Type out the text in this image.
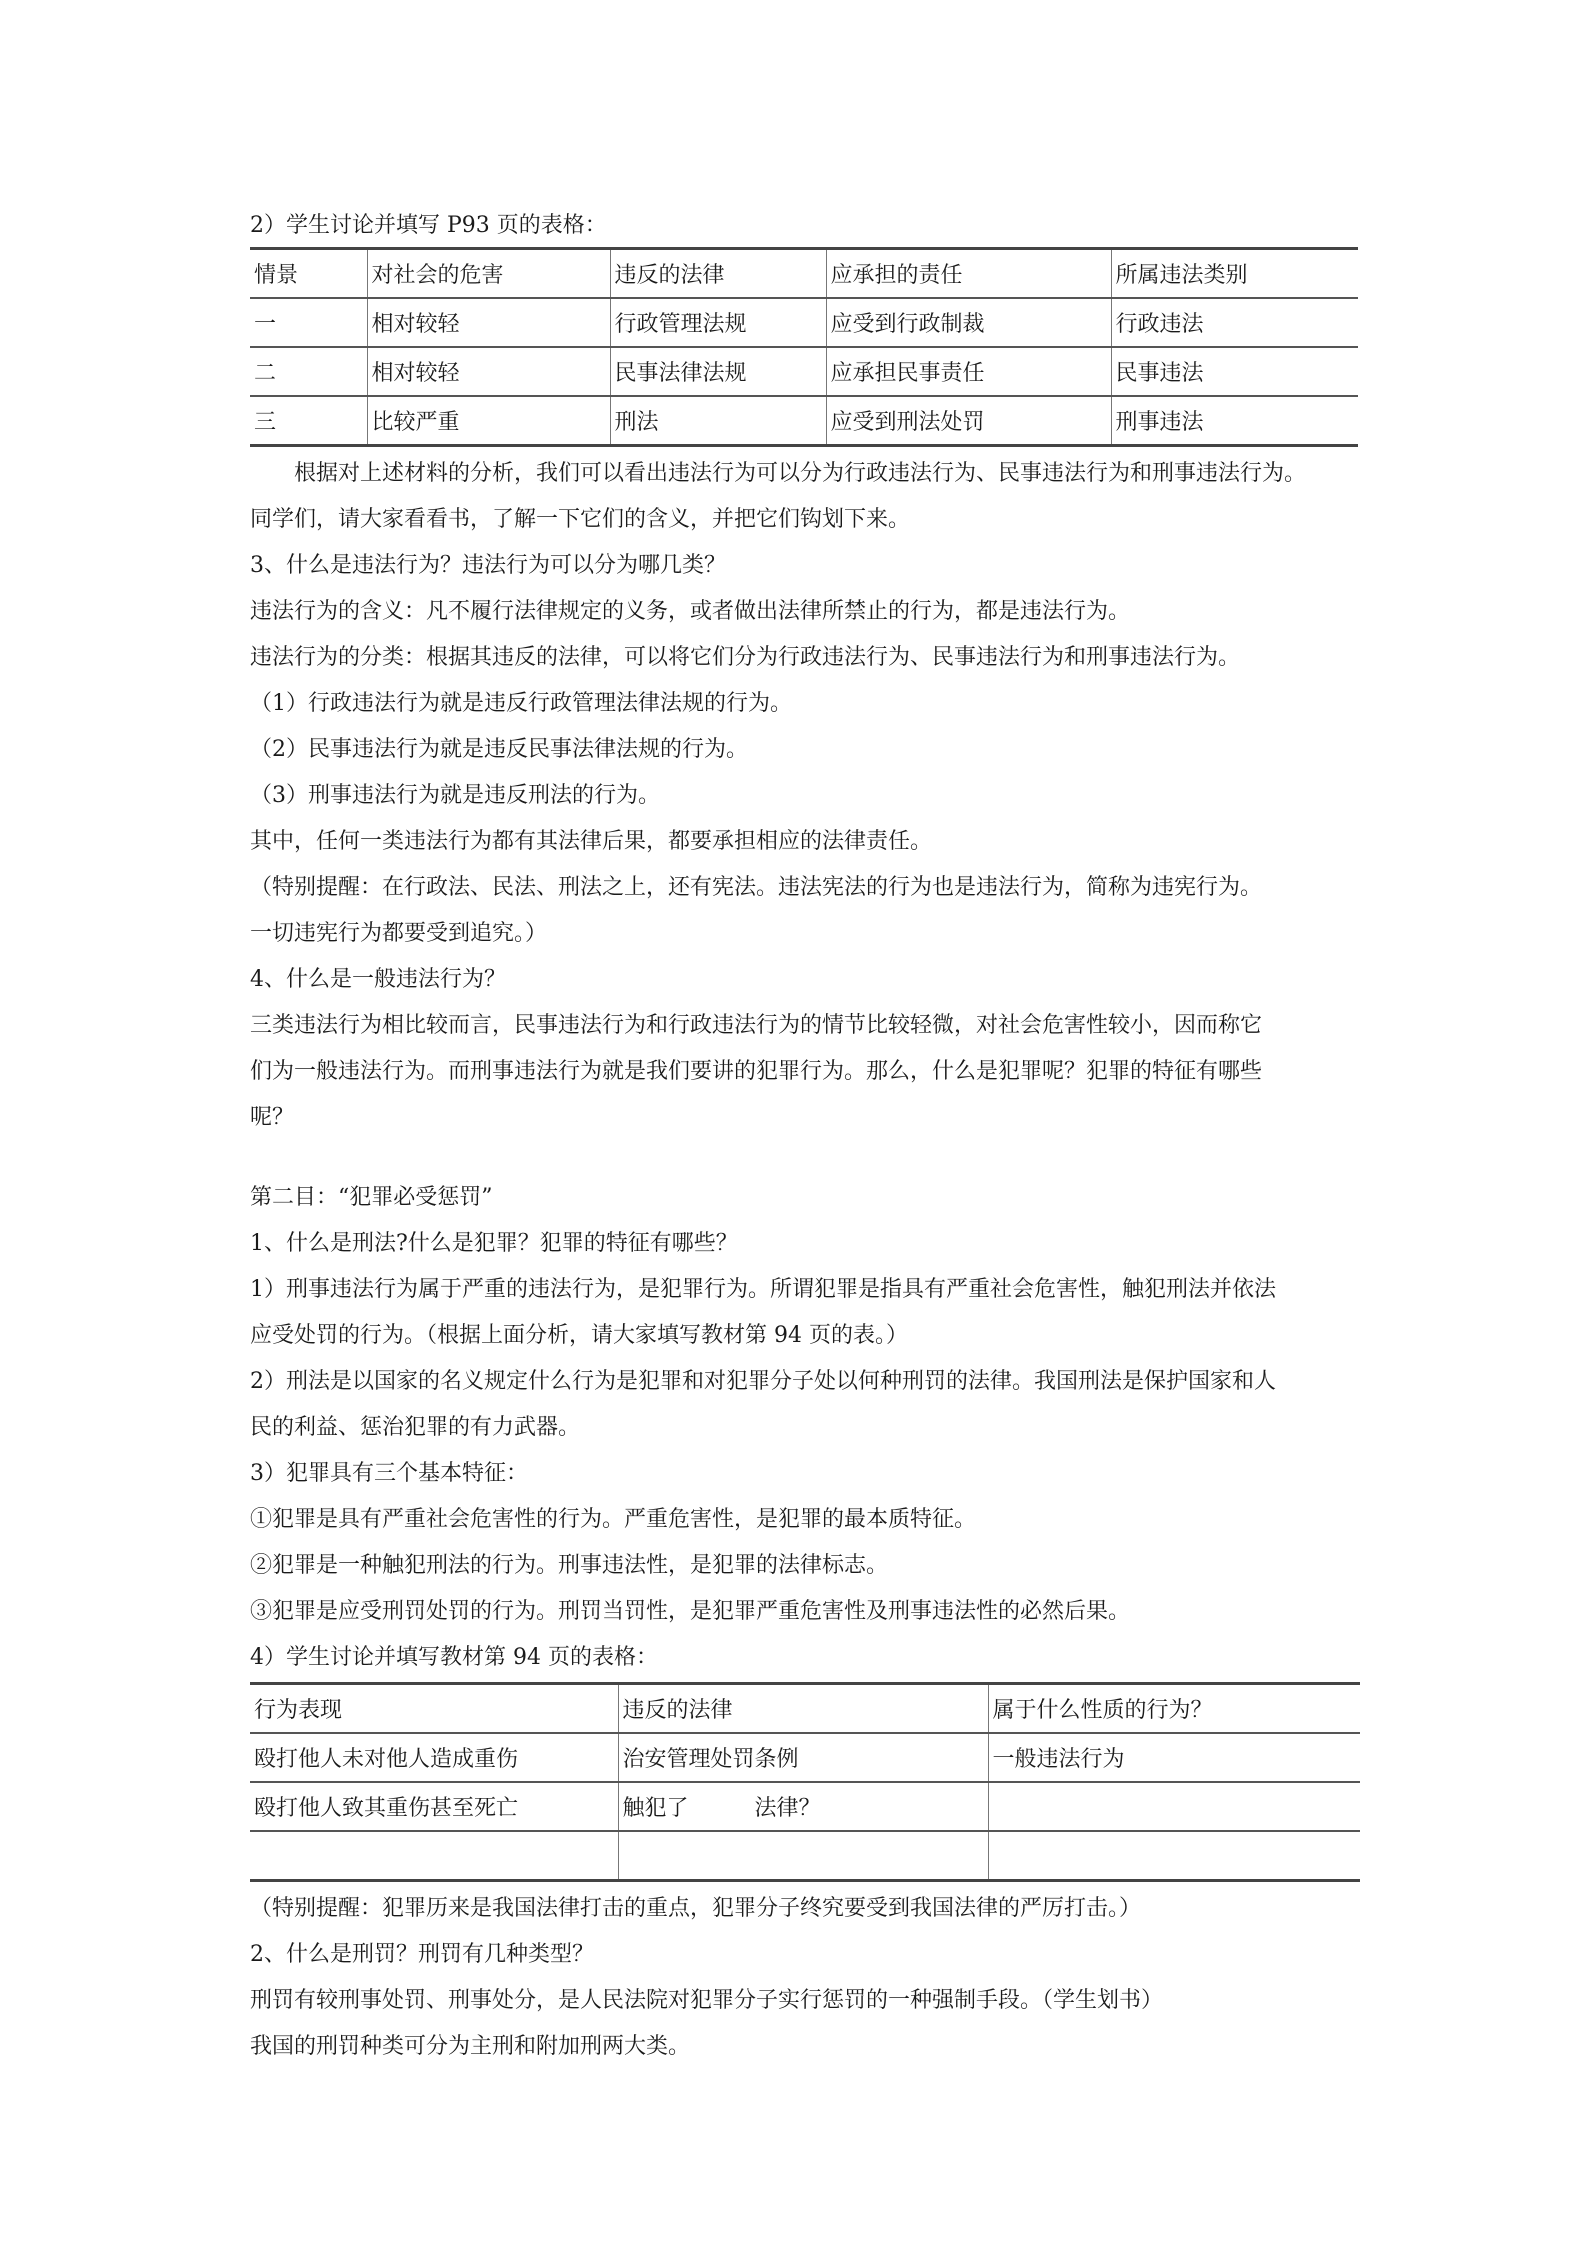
2）学生讨论并填写 P93 页的表格：
情景	对社会的危害	违反的法律	应承担的责任	所属违法类别
一	相对较轻	行政管理法规	应受到行政制裁	行政违法
二	相对较轻	民事法律法规	应承担民事责任	民事违法
三	比较严重	刑法	应受到刑法处罚	刑事违法
根据对上述材料的分析，我们可以看出违法行为可以分为行政违法行为、民事违法行为和刑事违法行为。
同学们，请大家看看书，了解一下它们的含义，并把它们钩划下来。
3、什么是违法行为？违法行为可以分为哪几类？
违法行为的含义：凡不履行法律规定的义务，或者做出法律所禁止的行为，都是违法行为。
违法行为的分类：根据其违反的法律，可以将它们分为行政违法行为、民事违法行为和刑事违法行为。
（1）行政违法行为就是违反行政管理法律法规的行为。
（2）民事违法行为就是违反民事法律法规的行为。
（3）刑事违法行为就是违反刑法的行为。
其中，任何一类违法行为都有其法律后果，都要承担相应的法律责任。
（特别提醒：在行政法、民法、刑法之上，还有宪法。违法宪法的行为也是违法行为，简称为违宪行为。
一切违宪行为都要受到追究。）
4、什么是一般违法行为？
三类违法行为相比较而言，民事违法行为和行政违法行为的情节比较轻微，对社会危害性较小，因而称它
们为一般违法行为。而刑事违法行为就是我们要讲的犯罪行为。那么，什么是犯罪呢？犯罪的特征有哪些
呢？
第二目：“犯罪必受惩罚”
1、什么是刑法?什么是犯罪？犯罪的特征有哪些？
1）刑事违法行为属于严重的违法行为，是犯罪行为。所谓犯罪是指具有严重社会危害性，触犯刑法并依法
应受处罚的行为。（根据上面分析，请大家填写教材第 94 页的表。）
2）刑法是以国家的名义规定什么行为是犯罪和对犯罪分子处以何种刑罚的法律。我国刑法是保护国家和人
民的利益、惩治犯罪的有力武器。
3）犯罪具有三个基本特征：
①犯罪是具有严重社会危害性的行为。严重危害性，是犯罪的最本质特征。
②犯罪是一种触犯刑法的行为。刑事违法性，是犯罪的法律标志。
③犯罪是应受刑罚处罚的行为。刑罚当罚性，是犯罪严重危害性及刑事违法性的必然后果。
4）学生讨论并填写教材第 94 页的表格：
行为表现	违反的法律	属于什么性质的行为？
殴打他人未对他人造成重伤	治安管理处罚条例	一般违法行为
殴打他人致其重伤甚至死亡	触犯了　　　法律？	

（特别提醒：犯罪历来是我国法律打击的重点，犯罪分子终究要受到我国法律的严厉打击。）
2、什么是刑罚？刑罚有几种类型？
刑罚有较刑事处罚、刑事处分，是人民法院对犯罪分子实行惩罚的一种强制手段。（学生划书）
我国的刑罚种类可分为主刑和附加刑两大类。
